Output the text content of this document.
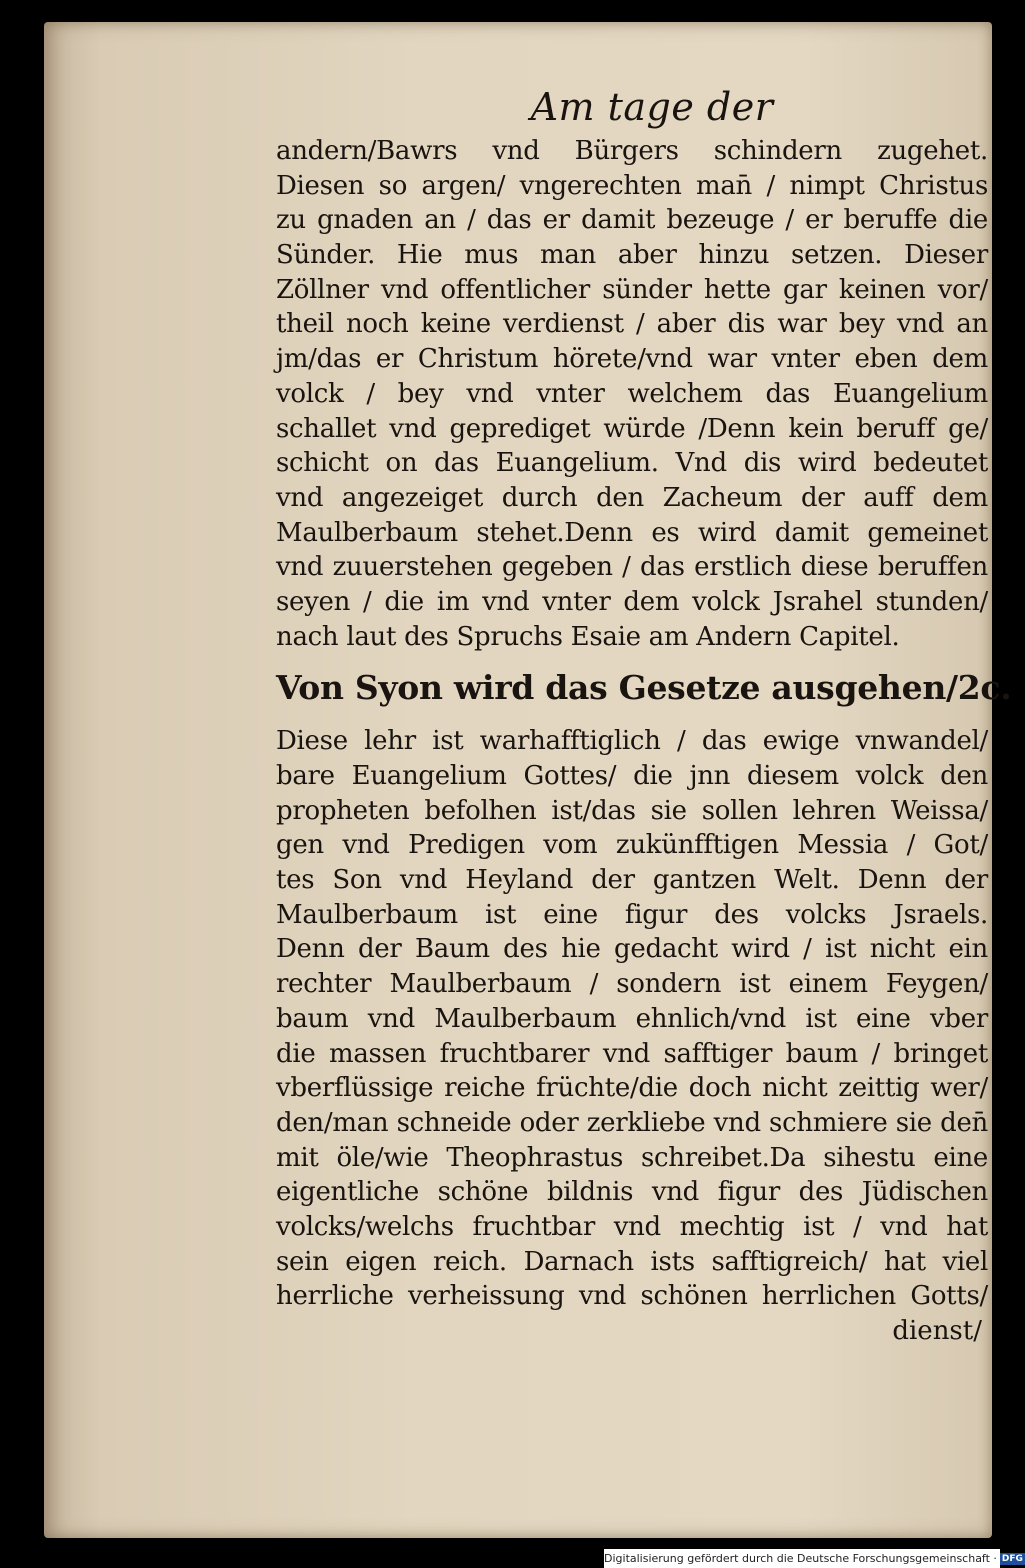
Am tage der
andern/Bawrs vnd Bürgers schindern zugehet.
Diesen so argen/ vngerechten man̄ / nimpt Christus
zu gnaden an / das er damit bezeuge / er beruffe die
Sünder. Hie mus man aber hinzu setzen. Dieser
Zöllner vnd offentlicher sünder hette gar keinen vor/
theil noch keine verdienst / aber dis war bey vnd an
jm/das er Christum hörete/vnd war vnter eben dem
volck / bey vnd vnter welchem das Euangelium
schallet vnd geprediget würde /Denn kein beruff ge/
schicht on das Euangelium. Vnd dis wird bedeutet
vnd angezeiget durch den Zacheum der auff dem
Maulberbaum stehet.Denn es wird damit gemeinet
vnd zuuerstehen gegeben / das erstlich diese beruffen
seyen / die im vnd vnter dem volck Jsrahel stunden/
nach laut des Spruchs Esaie am Andern Capitel.
Von Syon wird das Gesetze ausgehen/2c.
Diese lehr ist warhafftiglich / das ewige vnwandel/
bare Euangelium Gottes/ die jnn diesem volck den
propheten befolhen ist/das sie sollen lehren Weissa/
gen vnd Predigen vom zukünfftigen Messia / Got/
tes Son vnd Heyland der gantzen Welt. Denn der
Maulberbaum ist eine figur des volcks Jsraels.
Denn der Baum des hie gedacht wird / ist nicht ein
rechter Maulberbaum / sondern ist einem Feygen/
baum vnd Maulberbaum ehnlich/vnd ist eine vber
die massen fruchtbarer vnd safftiger baum / bringet
vberflüssige reiche früchte/die doch nicht zeittig wer/
den/man schneide oder zerkliebe vnd schmiere sie den̄
mit öle/wie Theophrastus schreibet.Da sihestu eine
eigentliche schöne bildnis vnd figur des Jüdischen
volcks/welchs fruchtbar vnd mechtig ist / vnd hat
sein eigen reich. Darnach ists safftigreich/ hat viel
herrliche verheissung vnd schönen herrlichen Gotts/
dienst/
Digitalisierung gefördert durch die Deutsche Forschungsgemeinschaft · DFG
